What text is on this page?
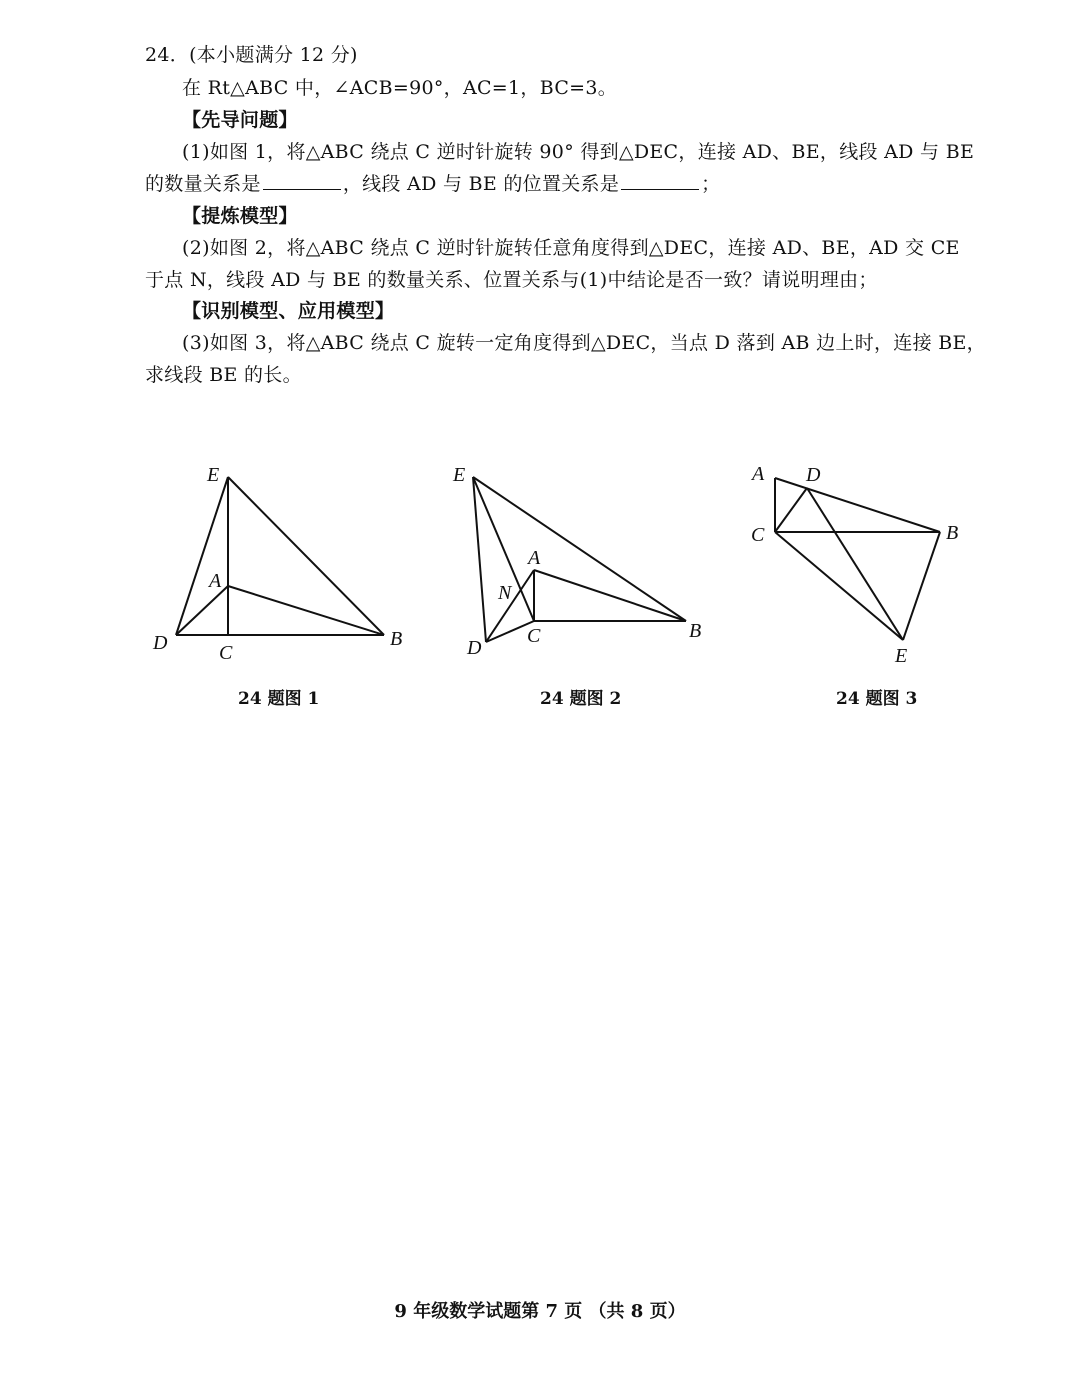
24．(本小题满分 12 分)
在 Rt△ABC 中，∠ACB=90°，AC=1，BC=3。
【先导问题】
(1)如图 1，将△ABC 绕点 C 逆时针旋转 90° 得到△DEC，连接 AD、BE，线段 AD 与 BE
的数量关系是	，线段 AD 与 BE 的位置关系是	；
【提炼模型】
(2)如图 2，将△ABC 绕点 C 逆时针旋转任意角度得到△DEC，连接 AD、BE，AD 交 CE
于点 N，线段 AD 与 BE 的数量关系、位置关系与(1)中结论是否一致？请说明理由；
【识别模型、应用模型】
(3)如图 3，将△ABC 绕点 C 旋转一定角度得到△DEC，当点 D 落到 AB 边上时，连接 BE，
求线段 BE 的长。
E
A
D	C
B
E
A
N
D
C	B
A D
C	B
E
24 题图 1	24 题图 2	24 题图 3
9 年级数学试题第 7 页 （共 8 页）
